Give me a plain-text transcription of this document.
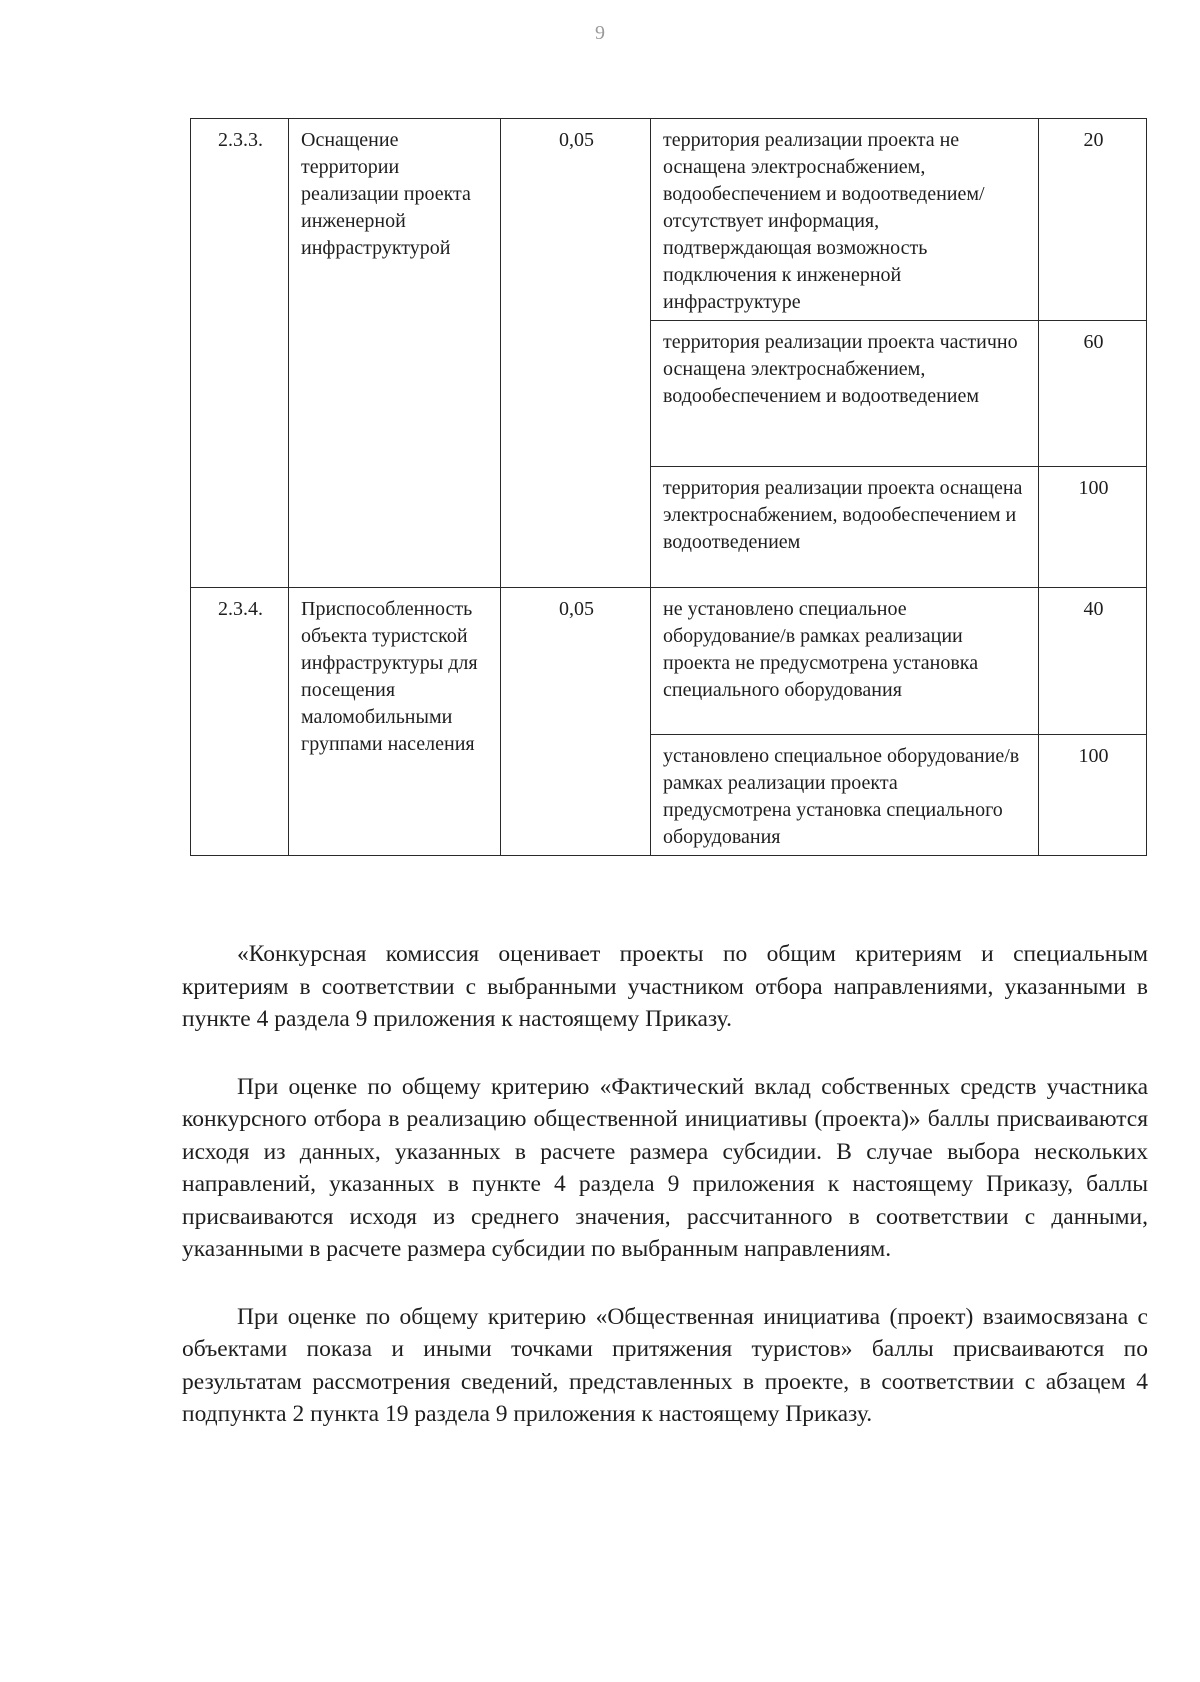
9
2.3.3.	Оснащение территории реализации проекта инженерной инфраструктурой	0,05	территория реализации проекта не оснащена электроснабжением, водообеспечением и водоотведением/отсутствует информация, подтверждающая возможность подключения к инженерной инфраструктуре	20
			территория реализации проекта частично оснащена электроснабжением, водообеспечением и водоотведением	60
			территория реализации проекта оснащена электроснабжением, водообеспечением и водоотведением	100
2.3.4.	Приспособленность объекта туристской инфраструктуры для посещения маломобильными группами населения	0,05	не установлено специальное оборудование/в рамках реализации проекта не предусмотрена установка специального оборудования	40
			установлено специальное оборудование/в рамках реализации проекта предусмотрена установка специального оборудования	100

«Конкурсная комиссия оценивает проекты по общим критериям и специальным критериям в соответствии с выбранными участником отбора направлениями, указанными в пункте 4 раздела 9 приложения к настоящему Приказу.

При оценке по общему критерию «Фактический вклад собственных средств участника конкурсного отбора в реализацию общественной инициативы (проекта)» баллы присваиваются исходя из данных, указанных в расчете размера субсидии. В случае выбора нескольких направлений, указанных в пункте 4 раздела 9 приложения к настоящему Приказу, баллы присваиваются исходя из среднего значения, рассчитанного в соответствии с данными, указанными в расчете размера субсидии по выбранным направлениям.

При оценке по общему критерию «Общественная инициатива (проект) взаимосвязана с объектами показа и иными точками притяжения туристов» баллы присваиваются по результатам рассмотрения сведений, представленных в проекте, в соответствии с абзацем 4 подпункта 2 пункта 19 раздела 9 приложения к настоящему Приказу.
